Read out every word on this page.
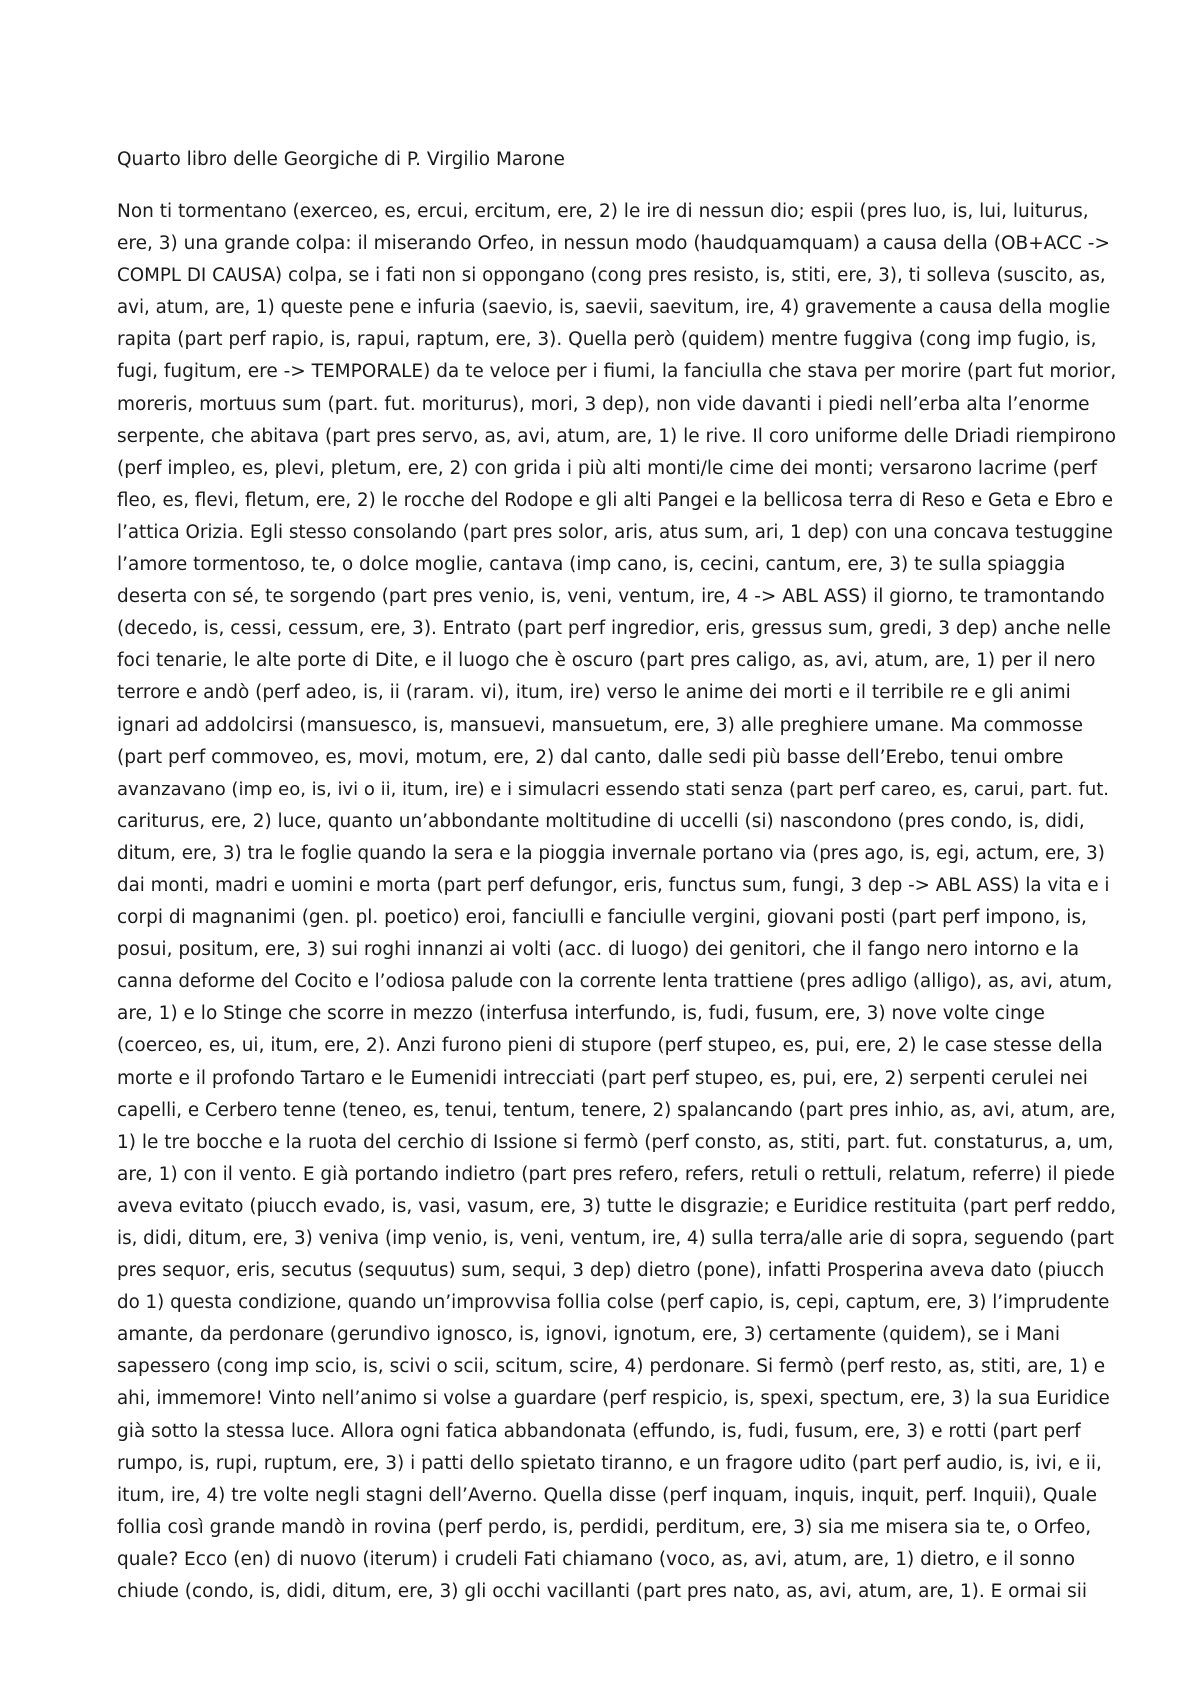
Quarto libro delle Georgiche di P. Virgilio Marone
Non ti tormentano (exerceo, es, ercui, ercitum, ere, 2) le ire di nessun dio; espii (pres luo, is, lui, luiturus,
ere, 3) una grande colpa: il miserando Orfeo, in nessun modo (haudquamquam) a causa della (OB+ACC ->
COMPL DI CAUSA) colpa, se i fati non si oppongano (cong pres resisto, is, stiti, ere, 3), ti solleva (suscito, as,
avi, atum, are, 1) queste pene e infuria (saevio, is, saevii, saevitum, ire, 4) gravemente a causa della moglie
rapita (part perf rapio, is, rapui, raptum, ere, 3). Quella però (quidem) mentre fuggiva (cong imp fugio, is,
fugi, fugitum, ere -> TEMPORALE) da te veloce per i fiumi, la fanciulla che stava per morire (part fut morior,
moreris, mortuus sum (part. fut. moriturus), mori, 3 dep), non vide davanti i piedi nell’erba alta l’enorme
serpente, che abitava (part pres servo, as, avi, atum, are, 1) le rive. Il coro uniforme delle Driadi riempirono
(perf impleo, es, plevi, pletum, ere, 2) con grida i più alti monti/le cime dei monti; versarono lacrime (perf
fleo, es, flevi, fletum, ere, 2) le rocche del Rodope e gli alti Pangei e la bellicosa terra di Reso e Geta e Ebro e
l’attica Orizia. Egli stesso consolando (part pres solor, aris, atus sum, ari, 1 dep) con una concava testuggine
l’amore tormentoso, te, o dolce moglie, cantava (imp cano, is, cecini, cantum, ere, 3) te sulla spiaggia
deserta con sé, te sorgendo (part pres venio, is, veni, ventum, ire, 4 -> ABL ASS) il giorno, te tramontando
(decedo, is, cessi, cessum, ere, 3). Entrato (part perf ingredior, eris, gressus sum, gredi, 3 dep) anche nelle
foci tenarie, le alte porte di Dite, e il luogo che è oscuro (part pres caligo, as, avi, atum, are, 1) per il nero
terrore e andò (perf adeo, is, ii (raram. vi), itum, ire) verso le anime dei morti e il terribile re e gli animi
ignari ad addolcirsi (mansuesco, is, mansuevi, mansuetum, ere, 3) alle preghiere umane. Ma commosse
(part perf commoveo, es, movi, motum, ere, 2) dal canto, dalle sedi più basse dell’Erebo, tenui ombre
avanzavano (imp eo, is, ivi o ii, itum, ire) e i simulacri essendo stati senza (part perf careo, es, carui, part. fut.
cariturus, ere, 2) luce, quanto un’abbondante moltitudine di uccelli (si) nascondono (pres condo, is, didi,
ditum, ere, 3) tra le foglie quando la sera e la pioggia invernale portano via (pres ago, is, egi, actum, ere, 3)
dai monti, madri e uomini e morta (part perf defungor, eris, functus sum, fungi, 3 dep -> ABL ASS) la vita e i
corpi di magnanimi (gen. pl. poetico) eroi, fanciulli e fanciulle vergini, giovani posti (part perf impono, is,
posui, positum, ere, 3) sui roghi innanzi ai volti (acc. di luogo) dei genitori, che il fango nero intorno e la
canna deforme del Cocito e l’odiosa palude con la corrente lenta trattiene (pres adligo (alligo), as, avi, atum,
are, 1) e lo Stinge che scorre in mezzo (interfusa interfundo, is, fudi, fusum, ere, 3) nove volte cinge
(coerceo, es, ui, itum, ere, 2). Anzi furono pieni di stupore (perf stupeo, es, pui, ere, 2) le case stesse della
morte e il profondo Tartaro e le Eumenidi intrecciati (part perf stupeo, es, pui, ere, 2) serpenti cerulei nei
capelli, e Cerbero tenne (teneo, es, tenui, tentum, tenere, 2) spalancando (part pres inhio, as, avi, atum, are,
1) le tre bocche e la ruota del cerchio di Issione si fermò (perf consto, as, stiti, part. fut. constaturus, a, um,
are, 1) con il vento. E già portando indietro (part pres refero, refers, retuli o rettuli, relatum, referre) il piede
aveva evitato (piucch evado, is, vasi, vasum, ere, 3) tutte le disgrazie; e Euridice restituita (part perf reddo,
is, didi, ditum, ere, 3) veniva (imp venio, is, veni, ventum, ire, 4) sulla terra/alle arie di sopra, seguendo (part
pres sequor, eris, secutus (sequutus) sum, sequi, 3 dep) dietro (pone), infatti Prosperina aveva dato (piucch
do 1) questa condizione, quando un’improvvisa follia colse (perf capio, is, cepi, captum, ere, 3) l’imprudente
amante, da perdonare (gerundivo ignosco, is, ignovi, ignotum, ere, 3) certamente (quidem), se i Mani
sapessero (cong imp scio, is, scivi o scii, scitum, scire, 4) perdonare. Si fermò (perf resto, as, stiti, are, 1) e
ahi, immemore! Vinto nell’animo si volse a guardare (perf respicio, is, spexi, spectum, ere, 3) la sua Euridice
già sotto la stessa luce. Allora ogni fatica abbandonata (effundo, is, fudi, fusum, ere, 3) e rotti (part perf
rumpo, is, rupi, ruptum, ere, 3) i patti dello spietato tiranno, e un fragore udito (part perf audio, is, ivi, e ii,
itum, ire, 4) tre volte negli stagni dell’Averno. Quella disse (perf inquam, inquis, inquit, perf. Inquii), Quale
follia così grande mandò in rovina (perf perdo, is, perdidi, perditum, ere, 3) sia me misera sia te, o Orfeo,
quale? Ecco (en) di nuovo (iterum) i crudeli Fati chiamano (voco, as, avi, atum, are, 1) dietro, e il sonno
chiude (condo, is, didi, ditum, ere, 3) gli occhi vacillanti (part pres nato, as, avi, atum, are, 1). E ormai sii
